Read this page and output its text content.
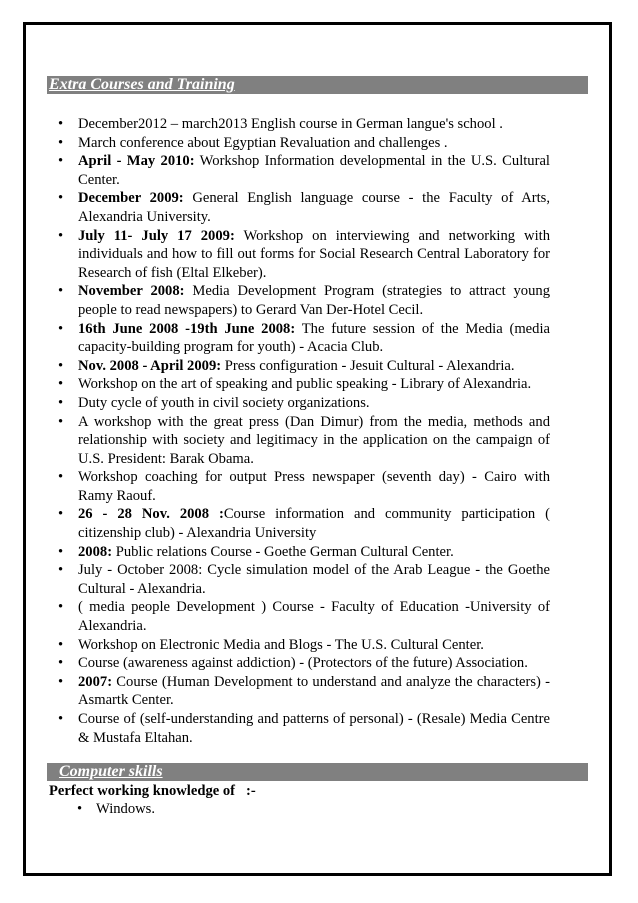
Extra Courses and Training
• December2012 – march2013 English course in German langue's school .
• March conference about Egyptian Revaluation and challenges .
• April - May 2010: Workshop Information developmental in the U.S. Cultural Center.
• December 2009: General English language course - the Faculty of Arts, Alexandria University.
• July 11- July 17 2009: Workshop on interviewing and networking with individuals and how to fill out forms for Social Research Central Laboratory for Research of fish (Eltal Elkeber).
• November 2008: Media Development Program (strategies to attract young people to read newspapers) to Gerard Van Der-Hotel Cecil.
• 16th June 2008 -19th June 2008: The future session of the Media (media capacity-building program for youth) - Acacia Club.
• Nov. 2008 - April 2009: Press configuration - Jesuit Cultural - Alexandria.
• Workshop on the art of speaking and public speaking - Library of Alexandria.
• Duty cycle of youth in civil society organizations.
• A workshop with the great press (Dan Dimur) from the media, methods and relationship with society and legitimacy in the application on the campaign of U.S. President: Barak Obama.
• Workshop coaching for output Press newspaper (seventh day) - Cairo with Ramy Raouf.
• 26 - 28 Nov. 2008 :Course information and community participation ( citizenship club) - Alexandria University
• 2008: Public relations Course - Goethe German Cultural Center.
• July - October 2008: Cycle simulation model of the Arab League - the Goethe Cultural - Alexandria.
• ( media people Development ) Course - Faculty of Education -University of Alexandria.
• Workshop on Electronic Media and Blogs - The U.S. Cultural Center.
• Course (awareness against addiction) - (Protectors of the future) Association.
• 2007: Course (Human Development to understand and analyze the characters) - Asmartk Center.
• Course of (self-understanding and patterns of personal) - (Resale) Media Centre & Mustafa Eltahan.
Computer skills
Perfect working knowledge of   :-
• Windows.
